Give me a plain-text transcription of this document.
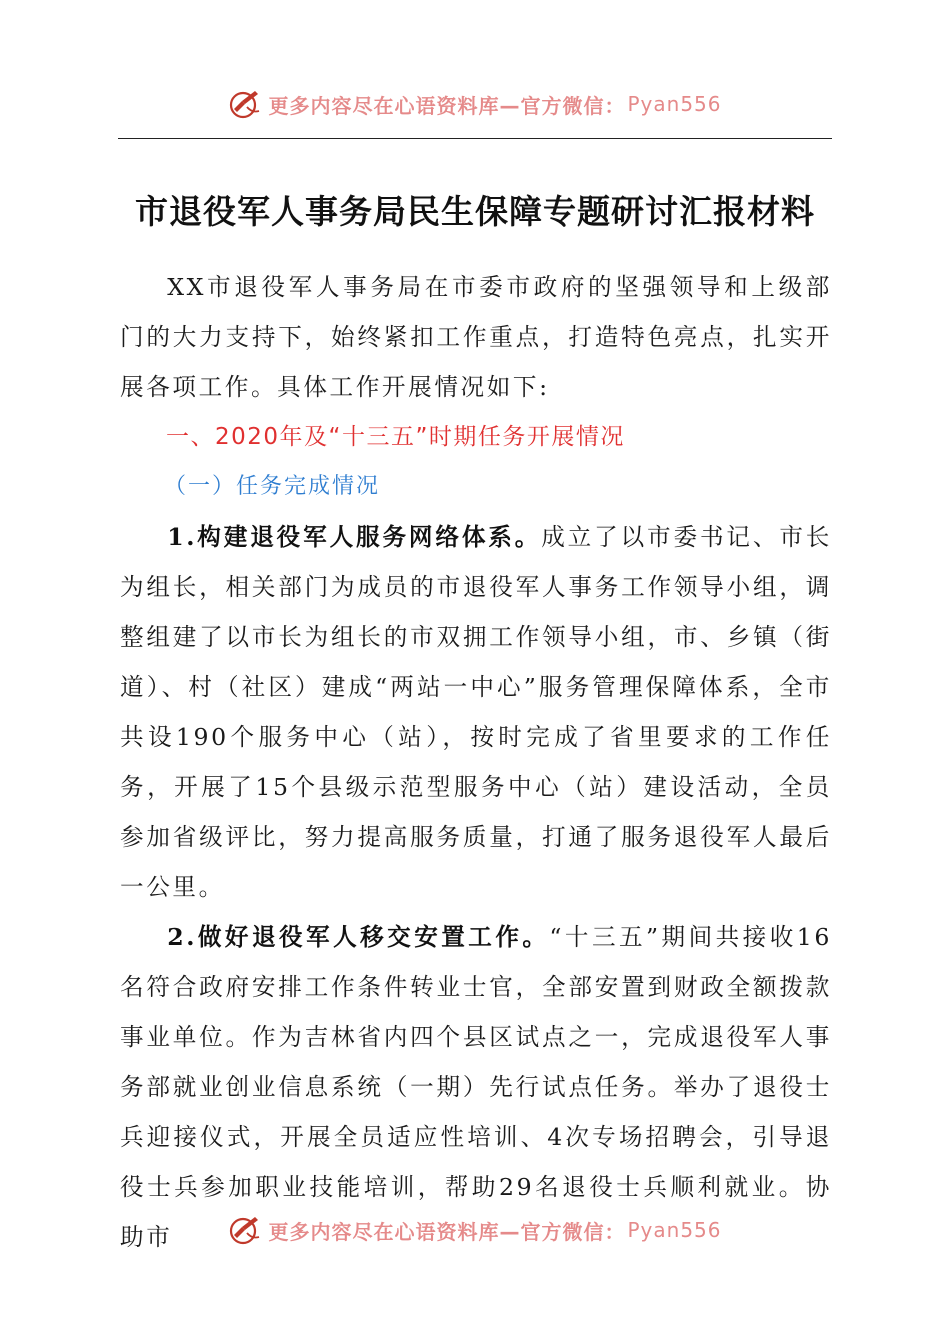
更多内容尽在心语资料库—官方微信： Pyan556
市退役军人事务局民生保障专题研讨汇报材料

XX市退役军人事务局在市委市政府的坚强领导和上级部门的大力支持下，始终紧扣工作重点，打造特色亮点，扎实开展各项工作。具体工作开展情况如下:

一、2020年及“十三五”时期任务开展情况

（一）任务完成情况

1.构建退役军人服务网络体系。成立了以市委书记、市长为组长，相关部门为成员的市退役军人事务工作领导小组，调整组建了以市长为组长的市双拥工作领导小组，市、乡镇（街道）、村（社区）建成“两站一中心”服务管理保障体系，全市共设190个服务中心（站），按时完成了省里要求的工作任务，开展了15个县级示范型服务中心（站）建设活动，全员参加省级评比，努力提高服务质量，打通了服务退役军人最后一公里。

2.做好退役军人移交安置工作。“十三五”期间共接收16名符合政府安排工作条件转业士官，全部安置到财政全额拨款事业单位。作为吉林省内四个县区试点之一，完成退役军人事务部就业创业信息系统（一期）先行试点任务。举办了退役士兵迎接仪式，开展全员适应性培训、4次专场招聘会，引导退役士兵参加职业技能培训，帮助29名退役士兵顺利就业。协助市	更多内容尽在心语资料库—官方微信： Pyan556
